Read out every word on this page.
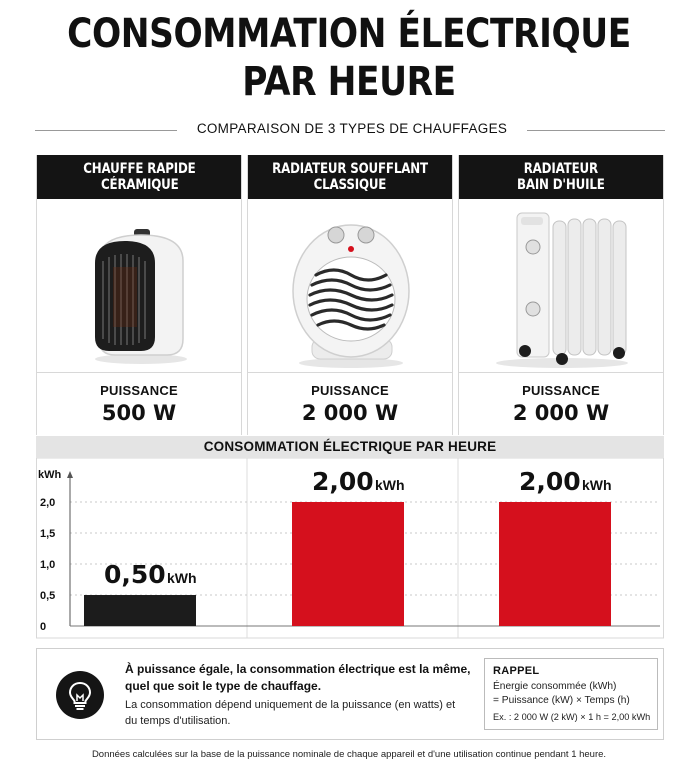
CONSOMMATION ÉLECTRIQUE
PAR HEURE
COMPARAISON DE 3 TYPES DE CHAUFFAGES
CHAUFFE RAPIDE
CÉRAMIQUE
PUISSANCE
500 W
RADIATEUR SOUFFLANT
CLASSIQUE
PUISSANCE
2 000 W
RADIATEUR
BAIN D'HUILE
PUISSANCE
2 000 W
CONSOMMATION ÉLECTRIQUE PAR HEURE
0
0,5
1,0
1,5
2,0
kWh
0,50 kWh
2,00 kWh	2,00 kWh
À puissance égale, la consommation électrique est la même, quel que soit le type de chauffage.
La consommation dépend uniquement de la puissance (en watts) et du temps d'utilisation.
RAPPEL
Énergie consommée (kWh)
= Puissance (kW) × Temps (h)
Ex. : 2 000 W (2 kW) × 1 h = 2,00 kWh
Données calculées sur la base de la puissance nominale de chaque appareil et d'une utilisation continue pendant 1 heure.
